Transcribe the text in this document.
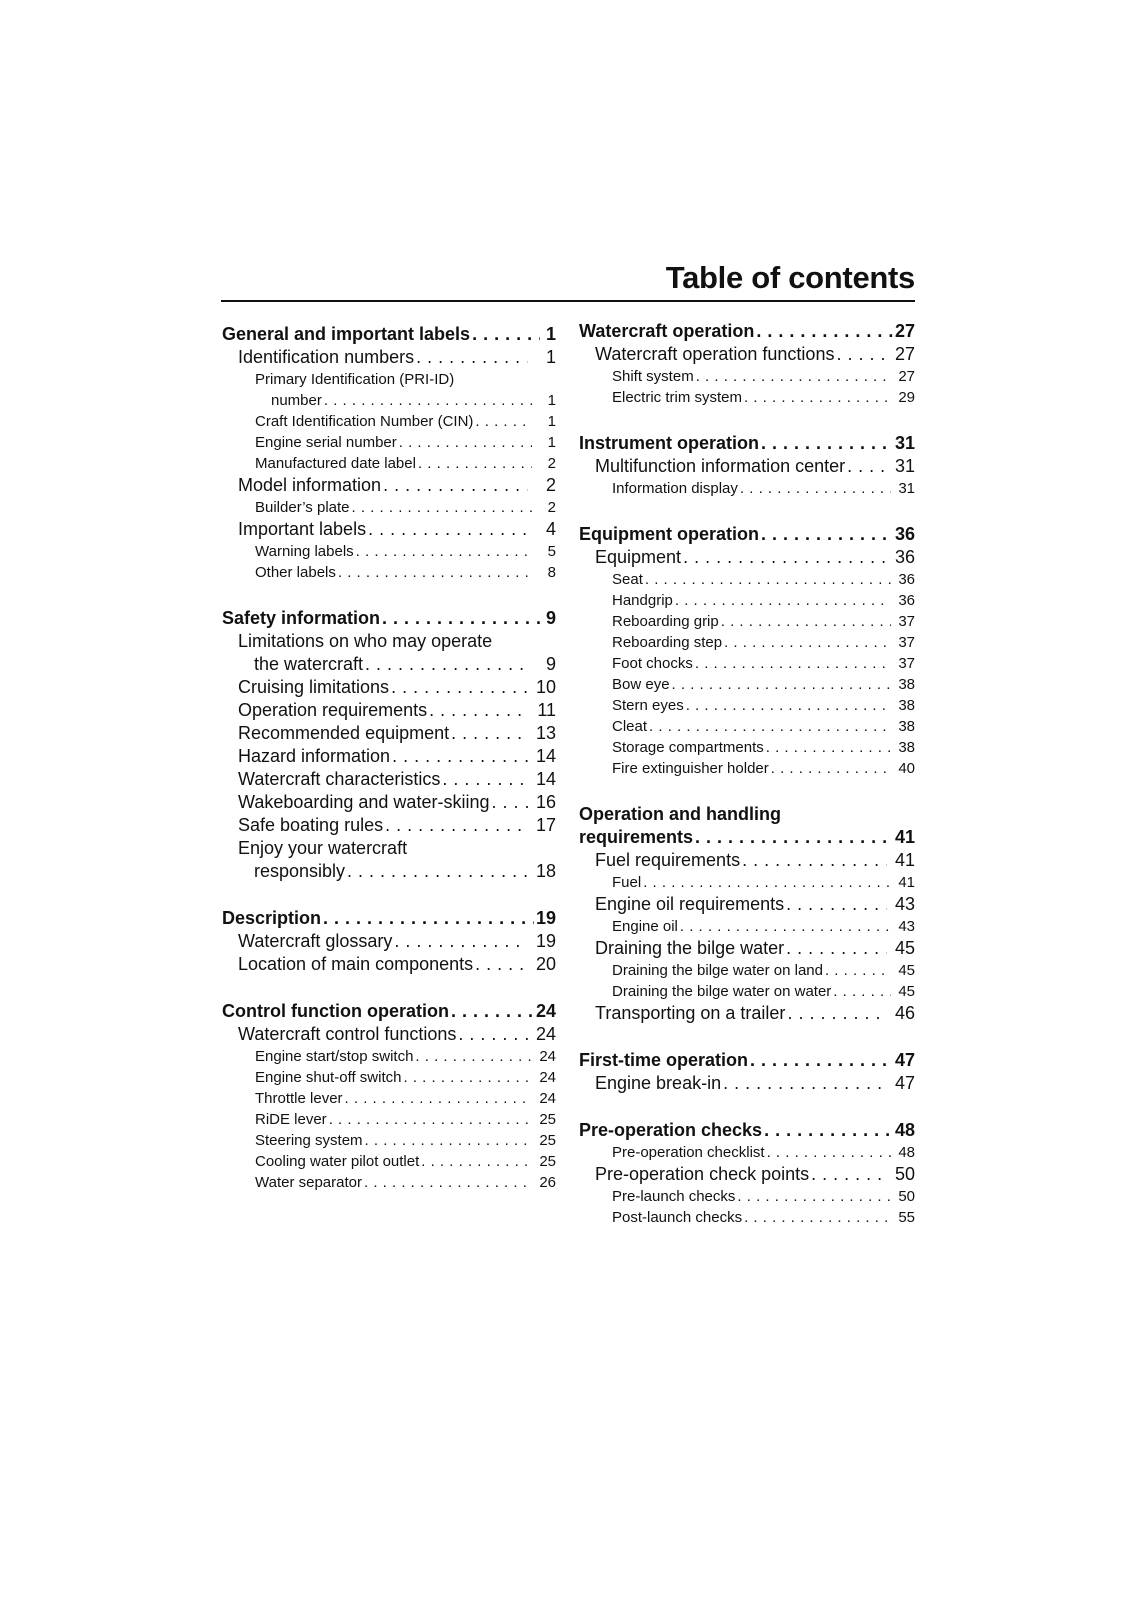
Table of contents
General and important labels . . .	1
Identification numbers . . .	1
Primary Identification (PRI-ID)
number . . .	1
Craft Identification Number (CIN) . . .	1
Engine serial number . . .	1
Manufactured date label . . .	2
Model information . . .	2
Builder’s plate . . .	2
Important labels . . .	4
Warning labels . . .	5
Other labels . . .	8
Safety information . . .	9
Limitations on who may operate
the watercraft . . .	9
Cruising limitations . . .	10
Operation requirements . . .	11
Recommended equipment . . .	13
Hazard information . . .	14
Watercraft characteristics . . .	14
Wakeboarding and water-skiing . . .	16
Safe boating rules . . .	17
Enjoy your watercraft
responsibly . . .	18
Description . . .	19
Watercraft glossary . . .	19
Location of main components . . .	20
Control function operation . . .	24
Watercraft control functions . . .	24
Engine start/stop switch . . .	24
Engine shut-off switch . . .	24
Throttle lever . . .	24
RiDE lever . . .	25
Steering system . . .	25
Cooling water pilot outlet . . .	25
Water separator . . .	26
Watercraft operation . . .	27
Watercraft operation functions . . .	27
Shift system . . .	27
Electric trim system . . .	29
Instrument operation . . .	31
Multifunction information center . . .	31
Information display . . .	31
Equipment operation . . .	36
Equipment . . .	36
Seat . . .	36
Handgrip . . .	36
Reboarding grip . . .	37
Reboarding step . . .	37
Foot chocks . . .	37
Bow eye . . .	38
Stern eyes . . .	38
Cleat . . .	38
Storage compartments . . .	38
Fire extinguisher holder . . .	40
Operation and handling
requirements . . .	41
Fuel requirements . . .	41
Fuel . . .	41
Engine oil requirements . . .	43
Engine oil . . .	43
Draining the bilge water . . .	45
Draining the bilge water on land . . .	45
Draining the bilge water on water . . .	45
Transporting on a trailer . . .	46
First-time operation . . .	47
Engine break-in . . .	47
Pre-operation checks . . .	48
Pre-operation checklist . . .	48
Pre-operation check points . . .	50
Pre-launch checks . . .	50
Post-launch checks . . .	55
